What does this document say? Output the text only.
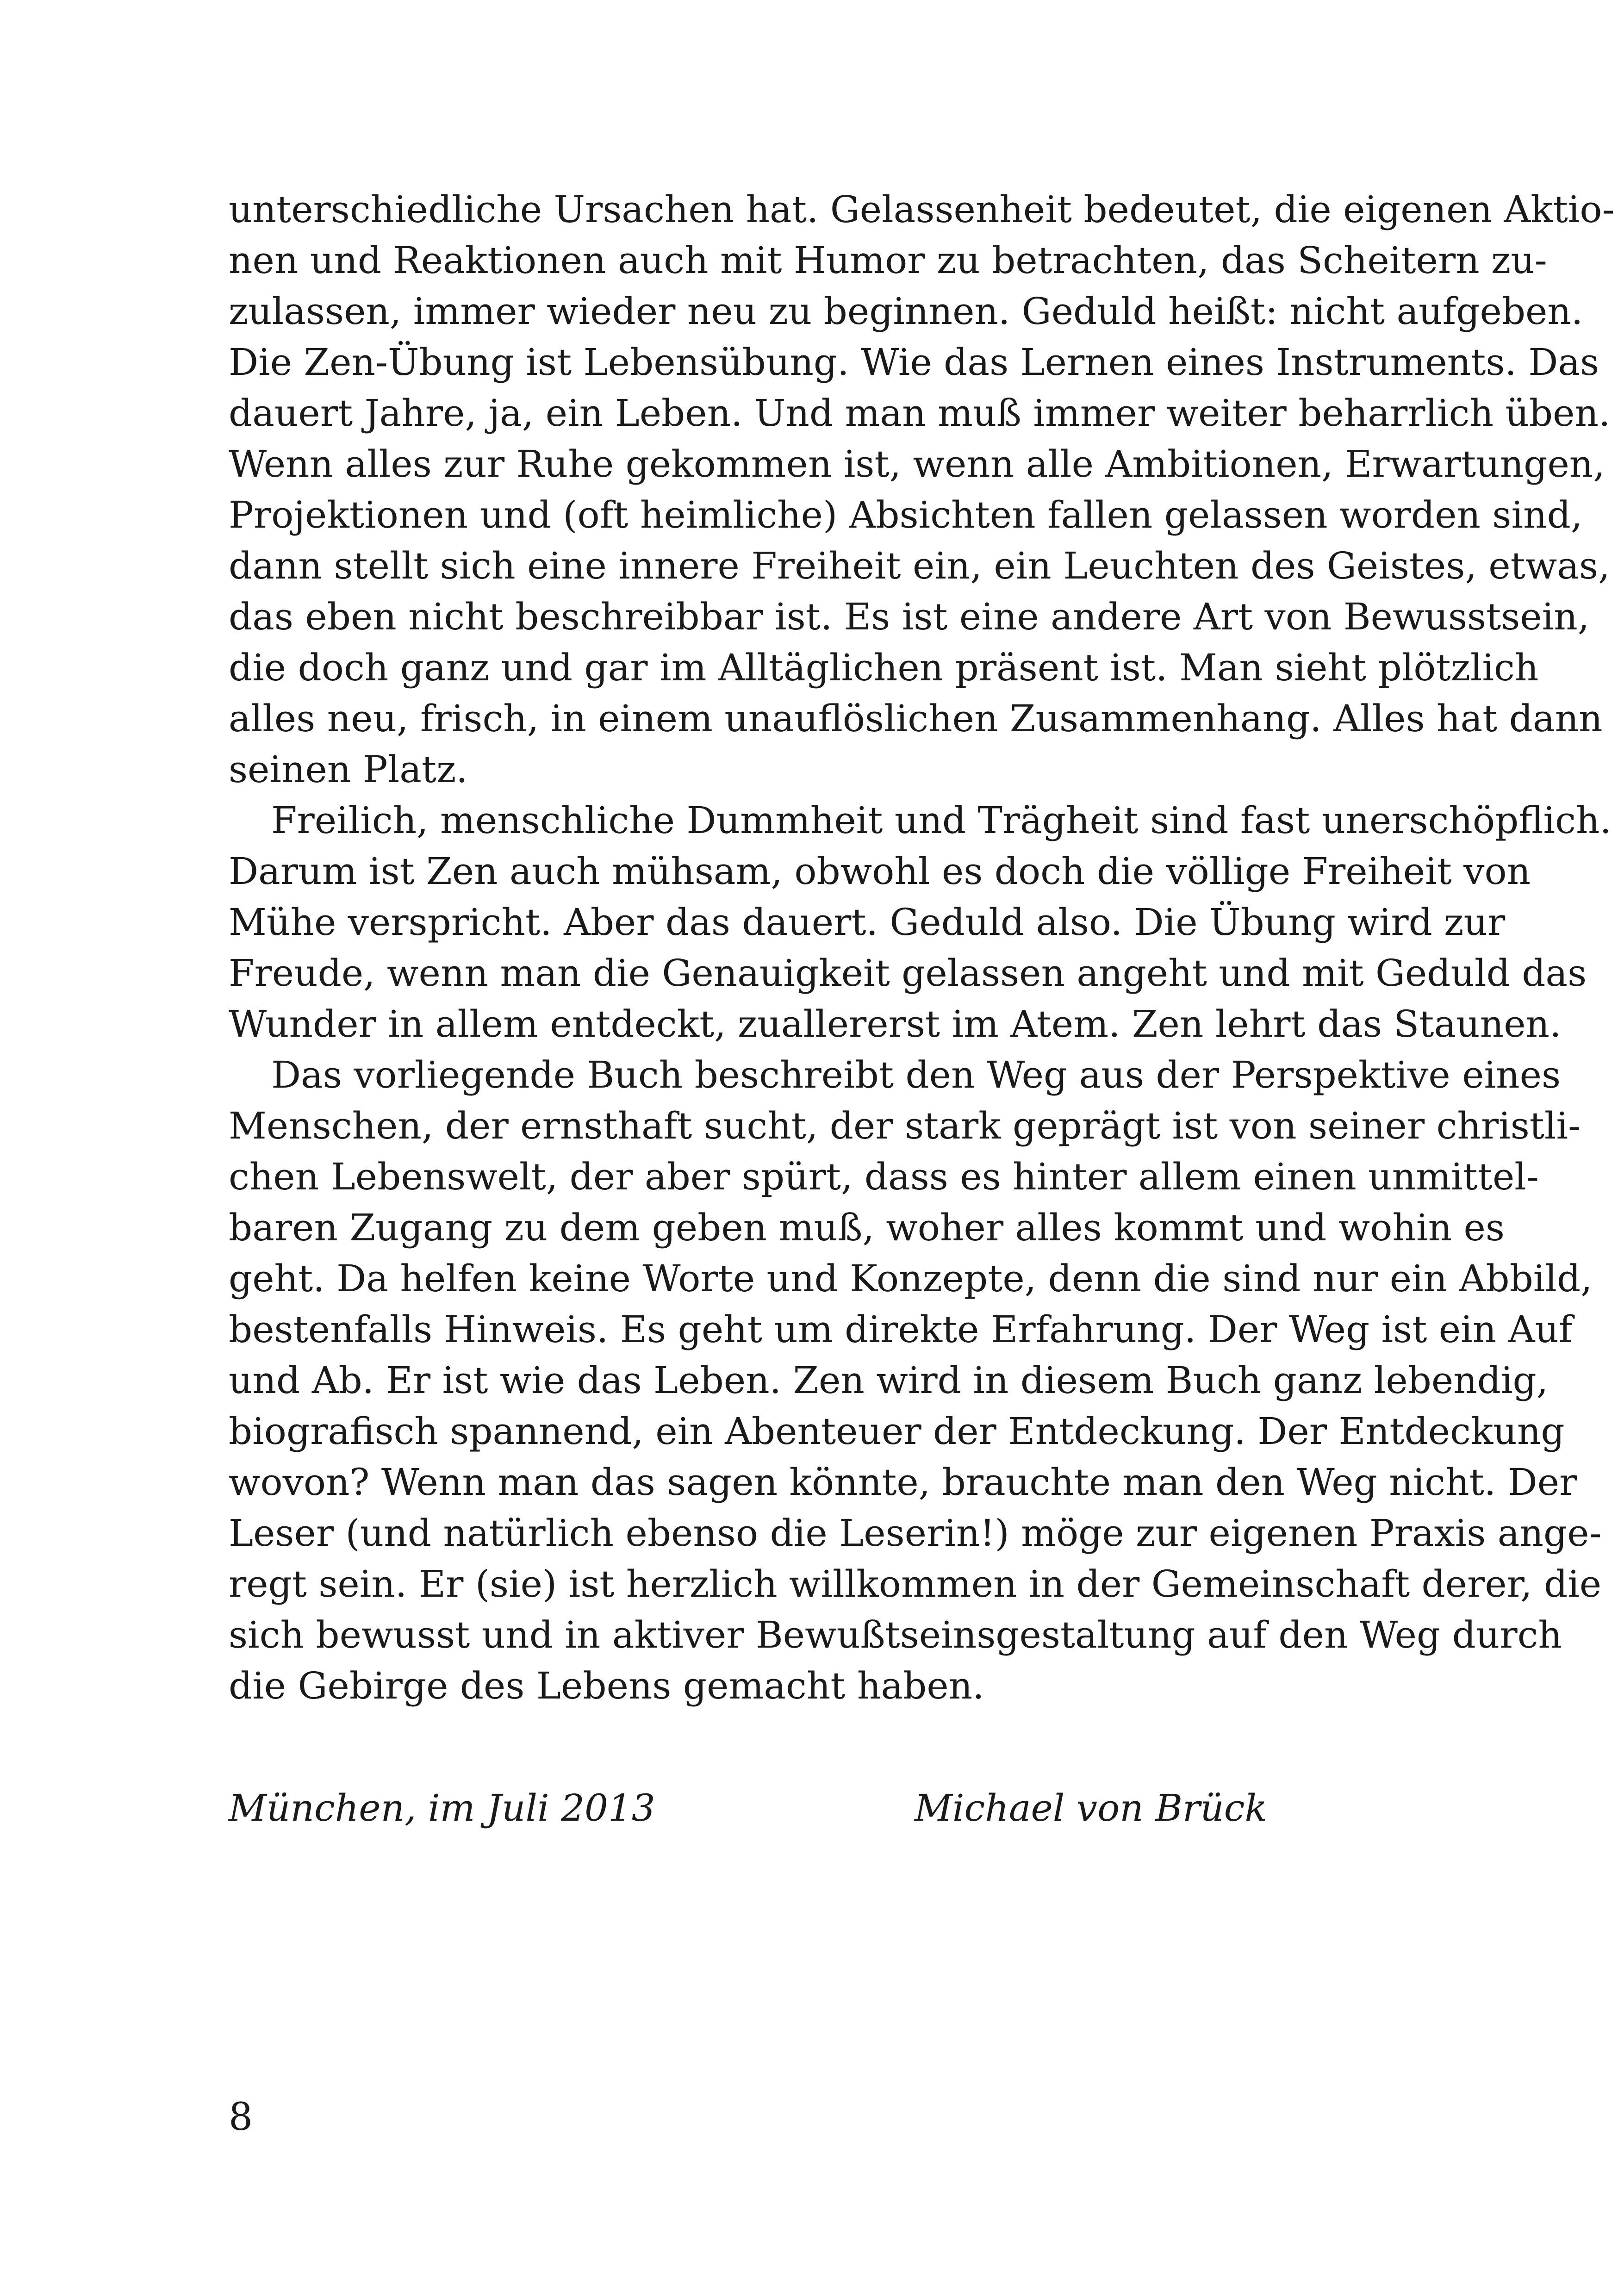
unterschiedliche Ursachen hat. Gelassenheit bedeutet, die eigenen Aktio-
nen und Reaktionen auch mit Humor zu betrachten, das Scheitern zu-
zulassen, immer wieder neu zu beginnen. Geduld heißt: nicht aufgeben.
Die Zen-Übung ist Lebensübung. Wie das Lernen eines Instruments. Das
dauert Jahre, ja, ein Leben. Und man muß immer weiter beharrlich üben.
Wenn alles zur Ruhe gekommen ist, wenn alle Ambitionen, Erwartungen,
Projektionen und (oft heimliche) Absichten fallen gelassen worden sind,
dann stellt sich eine innere Freiheit ein, ein Leuchten des Geistes, etwas,
das eben nicht beschreibbar ist. Es ist eine andere Art von Bewusstsein,
die doch ganz und gar im Alltäglichen präsent ist. Man sieht plötzlich
alles neu, frisch, in einem unauflöslichen Zusammenhang. Alles hat dann
seinen Platz.
Freilich, menschliche Dummheit und Trägheit sind fast unerschöpflich.
Darum ist Zen auch mühsam, obwohl es doch die völlige Freiheit von
Mühe verspricht. Aber das dauert. Geduld also. Die Übung wird zur
Freude, wenn man die Genauigkeit gelassen angeht und mit Geduld das
Wunder in allem entdeckt, zuallererst im Atem. Zen lehrt das Staunen.
Das vorliegende Buch beschreibt den Weg aus der Perspektive eines
Menschen, der ernsthaft sucht, der stark geprägt ist von seiner christli-
chen Lebenswelt, der aber spürt, dass es hinter allem einen unmittel-
baren Zugang zu dem geben muß, woher alles kommt und wohin es
geht. Da helfen keine Worte und Konzepte, denn die sind nur ein Abbild,
bestenfalls Hinweis. Es geht um direkte Erfahrung. Der Weg ist ein Auf
und Ab. Er ist wie das Leben. Zen wird in diesem Buch ganz lebendig,
biografisch spannend, ein Abenteuer der Entdeckung. Der Entdeckung
wovon? Wenn man das sagen könnte, brauchte man den Weg nicht. Der
Leser (und natürlich ebenso die Leserin!) möge zur eigenen Praxis ange-
regt sein. Er (sie) ist herzlich willkommen in der Gemeinschaft derer, die
sich bewusst und in aktiver Bewußtseinsgestaltung auf den Weg durch
die Gebirge des Lebens gemacht haben.
München, im Juli 2013	Michael von Brück
8
